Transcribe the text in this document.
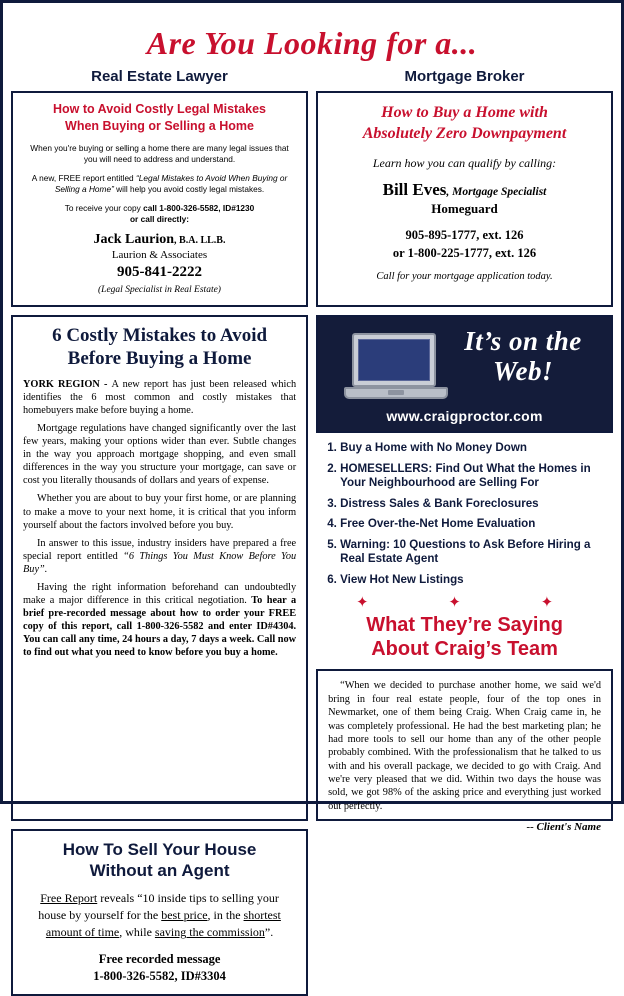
Are You Looking for a...
Real Estate Lawyer	Mortgage Broker
How to Avoid Costly Legal Mistakes
When Buying or Selling a Home
When you're buying or selling a home there are many legal issues that you will need to address and understand.
A new, FREE report entitled “Legal Mistakes to Avoid When Buying or Selling a Home” will help you avoid costly legal mistakes.
To receive your copy call 1-800-326-5582, ID#1230
or call directly:
Jack Laurion, B.A. LL.B.
Laurion & Associates
905-841-2222
(Legal Specialist in Real Estate)
How to Buy a Home with
Absolutely Zero Downpayment
Learn how you can qualify by calling:
Bill Eves, Mortgage Specialist
Homeguard
905-895-1777, ext. 126
or 1-800-225-1777, ext. 126
Call for your mortgage application today.
6 Costly Mistakes to Avoid
Before Buying a Home

YORK REGION - A new report has just been released which identifies the 6 most common and costly mistakes that homebuyers make before buying a home.

Mortgage regulations have changed significantly over the last few years, making your options wider than ever. Subtle changes in the way you approach mortgage shopping, and even small differences in the way you structure your mortgage, can save or cost you literally thousands of dollars and years of expense.

Whether you are about to buy your first home, or are planning to make a move to your next home, it is critical that you inform yourself about the factors involved before you buy.

In answer to this issue, industry insiders have prepared a free special report entitled “6 Things You Must Know Before You Buy”.

Having the right information beforehand can undoubtedly make a major difference in this critical negotiation. To hear a brief pre-recorded message about how to order your FREE copy of this report, call 1-800-326-5582 and enter ID#4304. You can call any time, 24 hours a day, 7 days a week. Call now to find out what you need to know before you buy a home.

It’s on the
Web!
www.craigproctor.com
1. Buy a Home with No Money Down
2. HOMESELLERS: Find Out What the Homes in Your Neighbourhood are Selling For
3. Distress Sales & Bank Foreclosures
4. Free Over-the-Net Home Evaluation
5. Warning: 10 Questions to Ask Before Hiring a Real Estate Agent
6. View Hot New Listings
✦ ✦ ✦
What They’re Saying
About Craig’s Team

“When we decided to purchase another home, we said we'd bring in four real estate people, four of the top ones in Newmarket, one of them being Craig. When Craig came in, he was completely professional. He had the best marketing plan; he had more tools to sell our home than any of the other people probably combined. With the professionalism that he talked to us with and his overall package, we decided to go with Craig. And we're very pleased that we did. Within two days the house was sold, we got 98% of the asking price and everything just worked out perfectly.

-- Client's Name

How To Sell Your House
Without an Agent
Free Report reveals “10 inside tips to selling your house by yourself for the best price, in the shortest amount of time, while saving the commission”.
Free recorded message
1-800-326-5582, ID#3304
